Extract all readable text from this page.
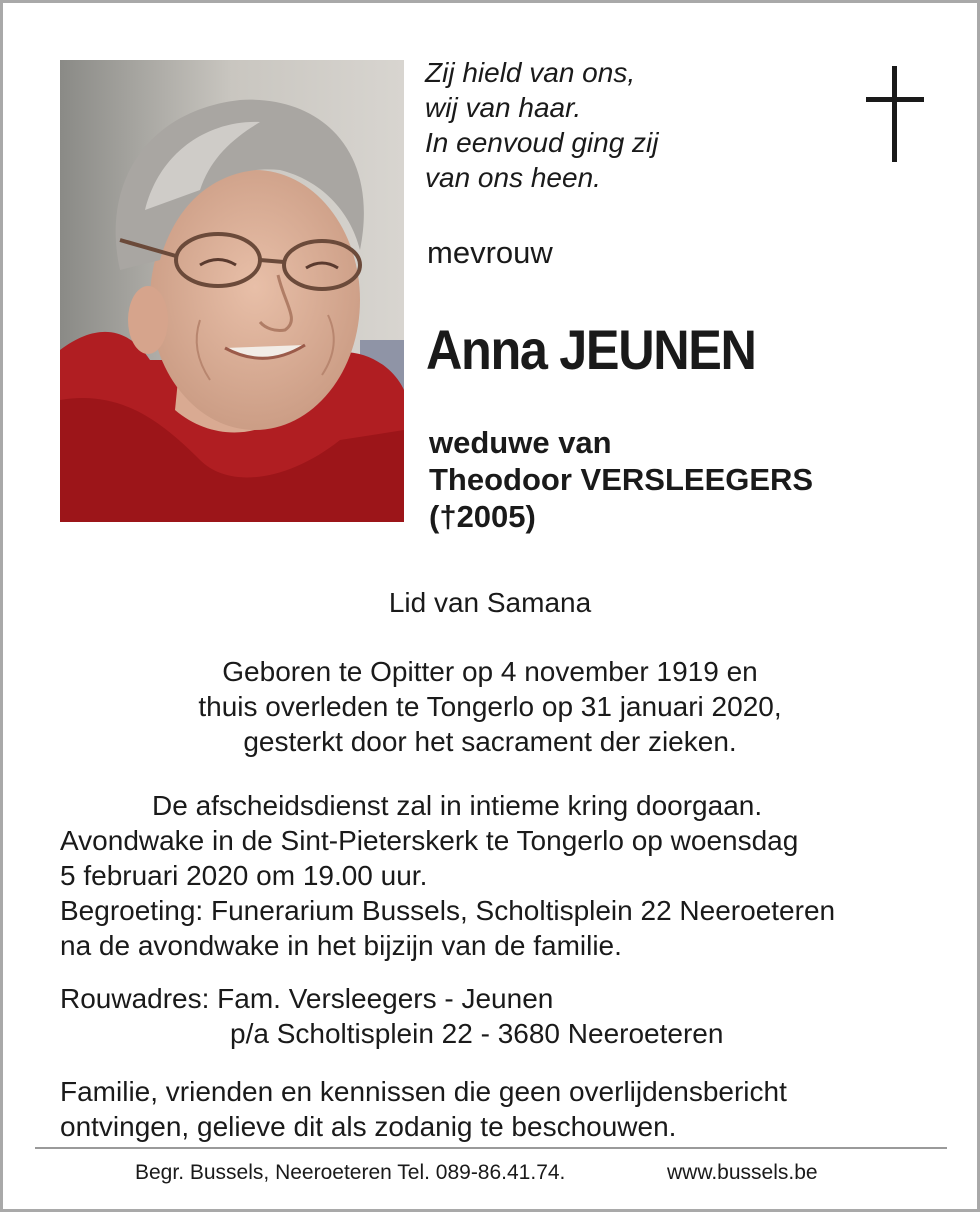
Zij hield van ons,
wij van haar.
In eenvoud ging zij
van ons heen.
mevrouw
Anna JEUNEN
weduwe van
Theodoor VERSLEEGERS
(†2005)
Lid van Samana
Geboren te Opitter op 4 november 1919 en
thuis overleden te Tongerlo op 31 januari 2020,
gesterkt door het sacrament der zieken.
De afscheidsdienst zal in intieme kring doorgaan.
Avondwake in de Sint-Pieterskerk te Tongerlo op woensdag
5 februari 2020 om 19.00 uur.
Begroeting: Funerarium Bussels, Scholtisplein 22 Neeroeteren
na de avondwake in het bijzijn van de familie.
Rouwadres: Fam. Versleegers - Jeunen
p/a Scholtisplein 22 - 3680 Neeroeteren
Familie, vrienden en kennissen die geen overlijdensbericht
ontvingen, gelieve dit als zodanig te beschouwen.
Begr. Bussels, Neeroeteren Tel. 089-86.41.74.	www.bussels.be
